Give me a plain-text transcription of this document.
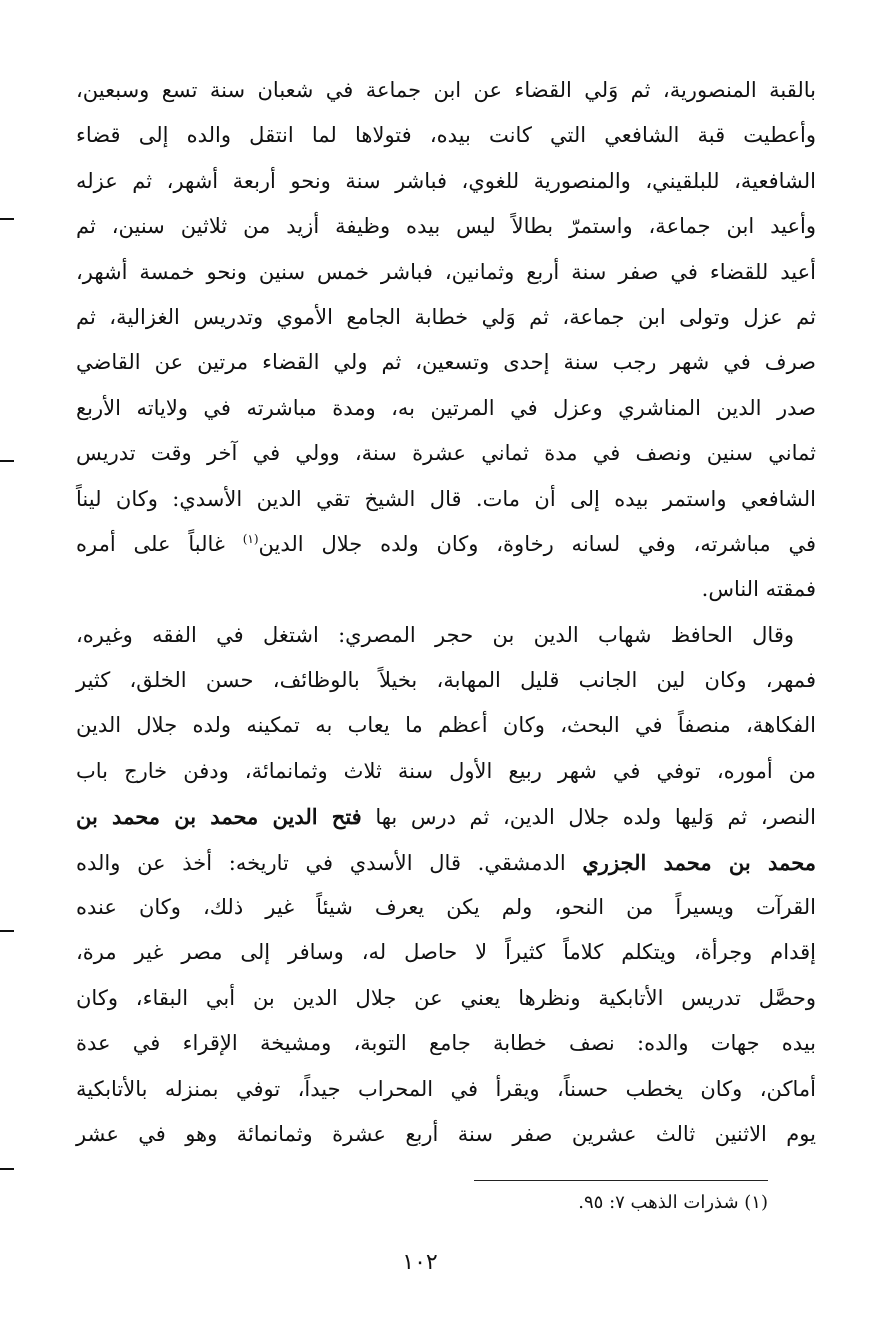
بالقبة المنصورية، ثم وَلي القضاء عن ابن جماعة في شعبان سنة تسع وسبعين،
وأعطيت قبة الشافعي التي كانت بيده، فتولاها لما انتقل والده إلى قضاء
الشافعية، للبلقيني، والمنصورية للغوي، فباشر سنة ونحو أربعة أشهر، ثم عزله
وأعيد ابن جماعة، واستمرّ بطالاً ليس بيده وظيفة أزيد من ثلاثين سنين، ثم
أعيد للقضاء في صفر سنة أربع وثمانين، فباشر خمس سنين ونحو خمسة أشهر،
ثم عزل وتولى ابن جماعة، ثم وَلي خطابة الجامع الأموي وتدريس الغزالية، ثم
صرف في شهر رجب سنة إحدى وتسعين، ثم ولي القضاء مرتين عن القاضي
صدر الدين المناشري وعزل في المرتين به، ومدة مباشرته في ولاياته الأربع
ثماني سنين ونصف في مدة ثماني عشرة سنة، وولي في آخر وقت تدريس
الشافعي واستمر بيده إلى أن مات. قال الشيخ تقي الدين الأسدي: وكان ليناً
في مباشرته، وفي لسانه رخاوة، وكان ولده جلال الدين$^{(١)}$ غالباً على أمره
فمقته الناس.
وقال الحافظ شهاب الدين بن حجر المصري: اشتغل في الفقه وغيره،
فمهر، وكان لين الجانب قليل المهابة، بخيلاً بالوظائف، حسن الخلق، كثير
الفكاهة، منصفاً في البحث، وكان أعظم ما يعاب به تمكينه ولده جلال الدين
من أموره، توفي في شهر ربيع الأول سنة ثلاث وثمانمائة، ودفن خارج باب
النصر، ثم وَليها ولده جلال الدين، ثم درس بها فتح الدين محمد بن محمد بن
محمد بن محمد الجزري الدمشقي. قال الأسدي في تاريخه: أخذ عن والده
القرآت ويسيراً من النحو، ولم يكن يعرف شيئاً غير ذلك، وكان عنده
إقدام وجرأة، ويتكلم كلاماً كثيراً لا حاصل له، وسافر إلى مصر غير مرة،
وحصَّل تدريس الأتابكية ونظرها يعني عن جلال الدين بن أبي البقاء، وكان
بيده جهات والده: نصف خطابة جامع التوبة، ومشيخة الإقراء في عدة
أماكن، وكان يخطب حسناً، ويقرأ في المحراب جيداً، توفي بمنزله بالأتابكية
يوم الاثنين ثالث عشرين صفر سنة أربع عشرة وثمانمائة وهو في عشر
(١) شذرات الذهب ٧: ٩٥.
١٠٢
